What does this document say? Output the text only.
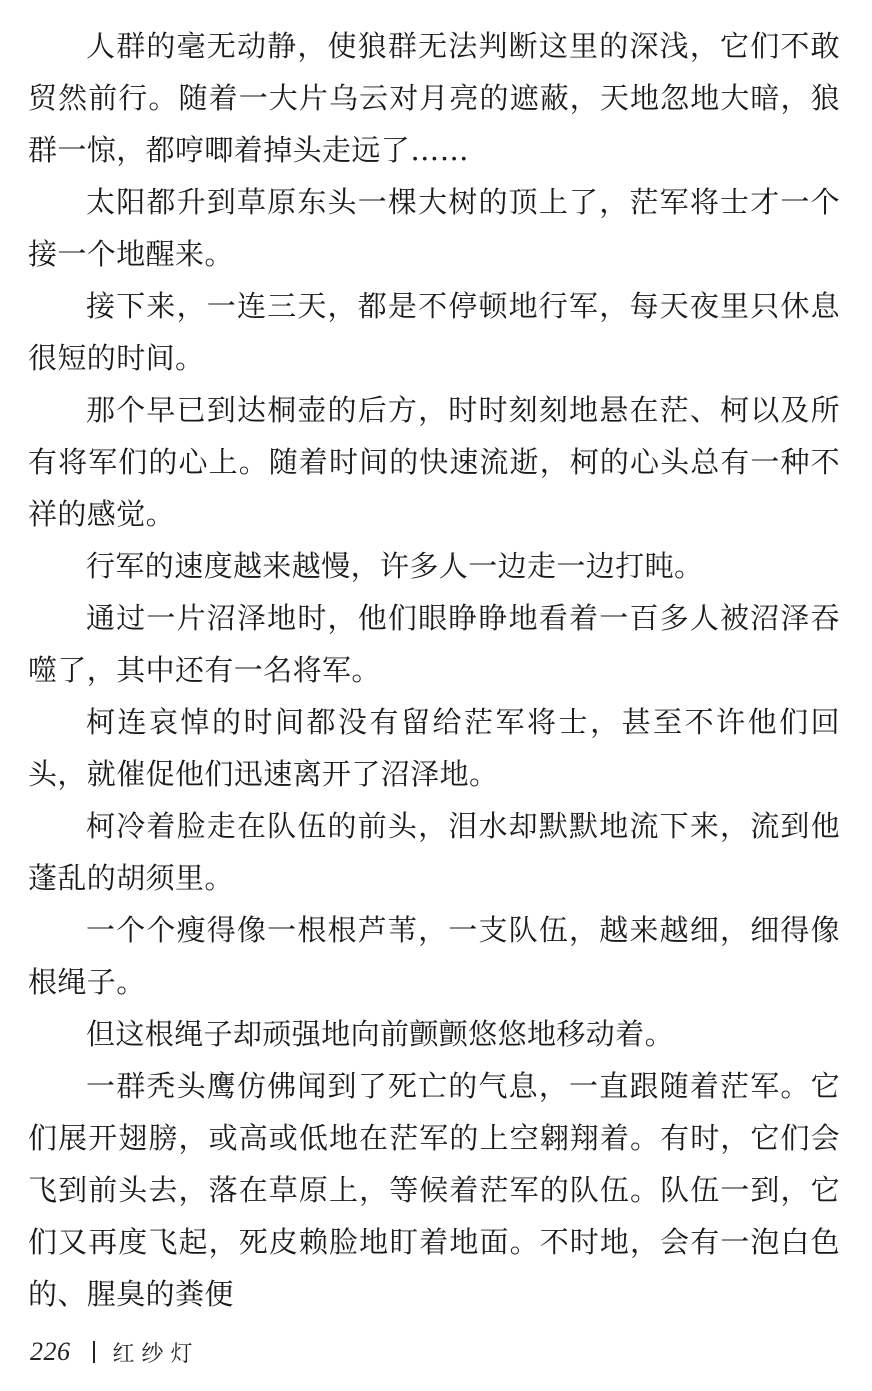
人群的毫无动静，使狼群无法判断这里的深浅，它们不敢贸然前行。随着一大片乌云对月亮的遮蔽，天地忽地大暗，狼群一惊，都哼唧着掉头走远了……

太阳都升到草原东头一棵大树的顶上了，茫军将士才一个接一个地醒来。

接下来，一连三天，都是不停顿地行军，每天夜里只休息很短的时间。

那个早已到达桐壶的后方，时时刻刻地悬在茫、柯以及所有将军们的心上。随着时间的快速流逝，柯的心头总有一种不祥的感觉。

行军的速度越来越慢，许多人一边走一边打盹。

通过一片沼泽地时，他们眼睁睁地看着一百多人被沼泽吞噬了，其中还有一名将军。

柯连哀悼的时间都没有留给茫军将士，甚至不许他们回头，就催促他们迅速离开了沼泽地。

柯冷着脸走在队伍的前头，泪水却默默地流下来，流到他蓬乱的胡须里。

一个个瘦得像一根根芦苇，一支队伍，越来越细，细得像根绳子。

但这根绳子却顽强地向前颤颤悠悠地移动着。

一群秃头鹰仿佛闻到了死亡的气息，一直跟随着茫军。它们展开翅膀，或高或低地在茫军的上空翱翔着。有时，它们会飞到前头去，落在草原上，等候着茫军的队伍。队伍一到，它们又再度飞起，死皮赖脸地盯着地面。不时地，会有一泡白色的、腥臭的粪便

226 红纱灯
